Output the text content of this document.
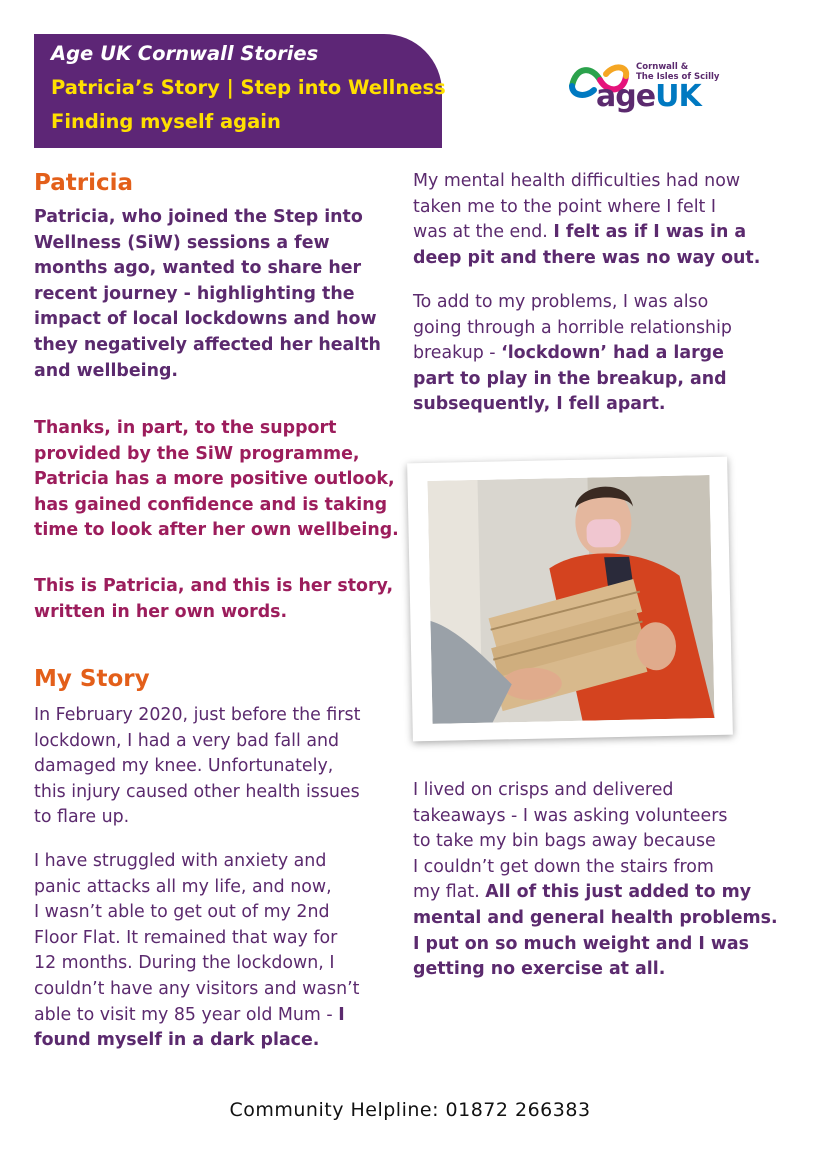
Age UK Cornwall Stories
Patricia’s Story | Step into Wellness
Finding myself again
Cornwall &
The Isles of Scilly
ageUK
Patricia

Patricia, who joined the Step into
Wellness (SiW) sessions a few
months ago, wanted to share her
recent journey - highlighting the
impact of local lockdowns and how
they negatively affected her health
and wellbeing.

Thanks, in part, to the support
provided by the SiW programme,
Patricia has a more positive outlook,
has gained confidence and is taking
time to look after her own wellbeing.

This is Patricia, and this is her story,
written in her own words.

My Story

In February 2020, just before the first
lockdown, I had a very bad fall and
damaged my knee. Unfortunately,
this injury caused other health issues
to flare up.

I have struggled with anxiety and
panic attacks all my life, and now,
I wasn’t able to get out of my 2nd
Floor Flat. It remained that way for
12 months. During the lockdown, I
couldn’t have any visitors and wasn’t
able to visit my 85 year old Mum - I
found myself in a dark place.

My mental health difficulties had now
taken me to the point where I felt I
was at the end. I felt as if I was in a
deep pit and there was no way out.

To add to my problems, I was also
going through a horrible relationship
breakup - ‘lockdown’ had a large
part to play in the breakup, and
subsequently, I fell apart.

I lived on crisps and delivered
takeaways - I was asking volunteers
to take my bin bags away because
I couldn’t get down the stairs from
my flat. All of this just added to my
mental and general health problems.
I put on so much weight and I was
getting no exercise at all.

Community Helpline: 01872 266383
